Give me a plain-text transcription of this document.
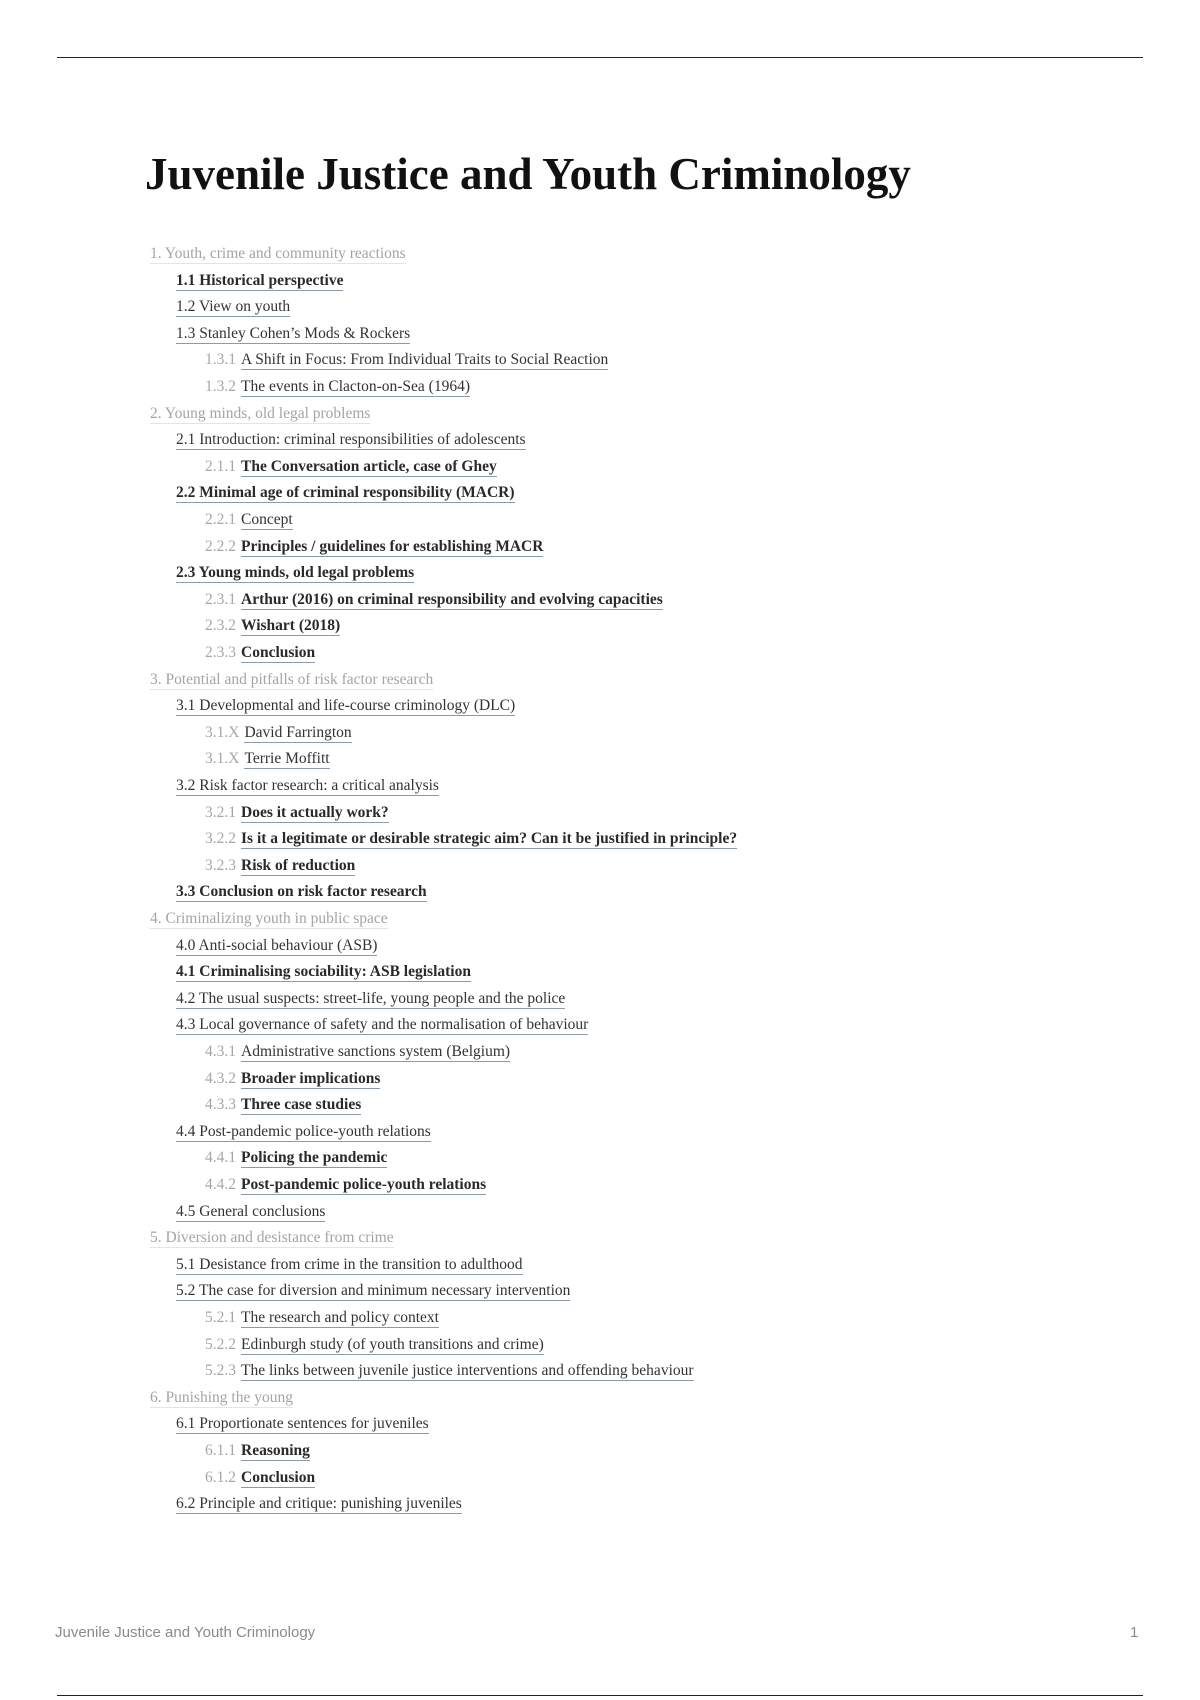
Juvenile Justice and Youth Criminology
1. Youth, crime and community reactions
1.1 Historical perspective
1.2 View on youth
1.3 Stanley Cohen’s Mods & Rockers
1.3.1 A Shift in Focus: From Individual Traits to Social Reaction
1.3.2 The events in Clacton-on-Sea (1964)
2. Young minds, old legal problems
2.1 Introduction: criminal responsibilities of adolescents
2.1.1 The Conversation article, case of Ghey
2.2 Minimal age of criminal responsibility (MACR)
2.2.1 Concept
2.2.2 Principles / guidelines for establishing MACR
2.3 Young minds, old legal problems
2.3.1 Arthur (2016) on criminal responsibility and evolving capacities
2.3.2 Wishart (2018)
2.3.3 Conclusion
3. Potential and pitfalls of risk factor research
3.1 Developmental and life-course criminology (DLC)
3.1.X David Farrington
3.1.X Terrie Moffitt
3.2 Risk factor research: a critical analysis
3.2.1 Does it actually work?
3.2.2 Is it a legitimate or desirable strategic aim? Can it be justified in principle?
3.2.3 Risk of reduction
3.3 Conclusion on risk factor research
4. Criminalizing youth in public space
4.0 Anti-social behaviour (ASB)
4.1 Criminalising sociability: ASB legislation
4.2 The usual suspects: street-life, young people and the police
4.3 Local governance of safety and the normalisation of behaviour
4.3.1 Administrative sanctions system (Belgium)
4.3.2 Broader implications
4.3.3 Three case studies
4.4 Post-pandemic police-youth relations
4.4.1 Policing the pandemic
4.4.2 Post-pandemic police-youth relations
4.5 General conclusions
5. Diversion and desistance from crime
5.1 Desistance from crime in the transition to adulthood
5.2 The case for diversion and minimum necessary intervention
5.2.1 The research and policy context
5.2.2 Edinburgh study (of youth transitions and crime)
5.2.3 The links between juvenile justice interventions and offending behaviour
6. Punishing the young
6.1 Proportionate sentences for juveniles
6.1.1 Reasoning
6.1.2 Conclusion
6.2 Principle and critique: punishing juveniles
Juvenile Justice and Youth Criminology	1
